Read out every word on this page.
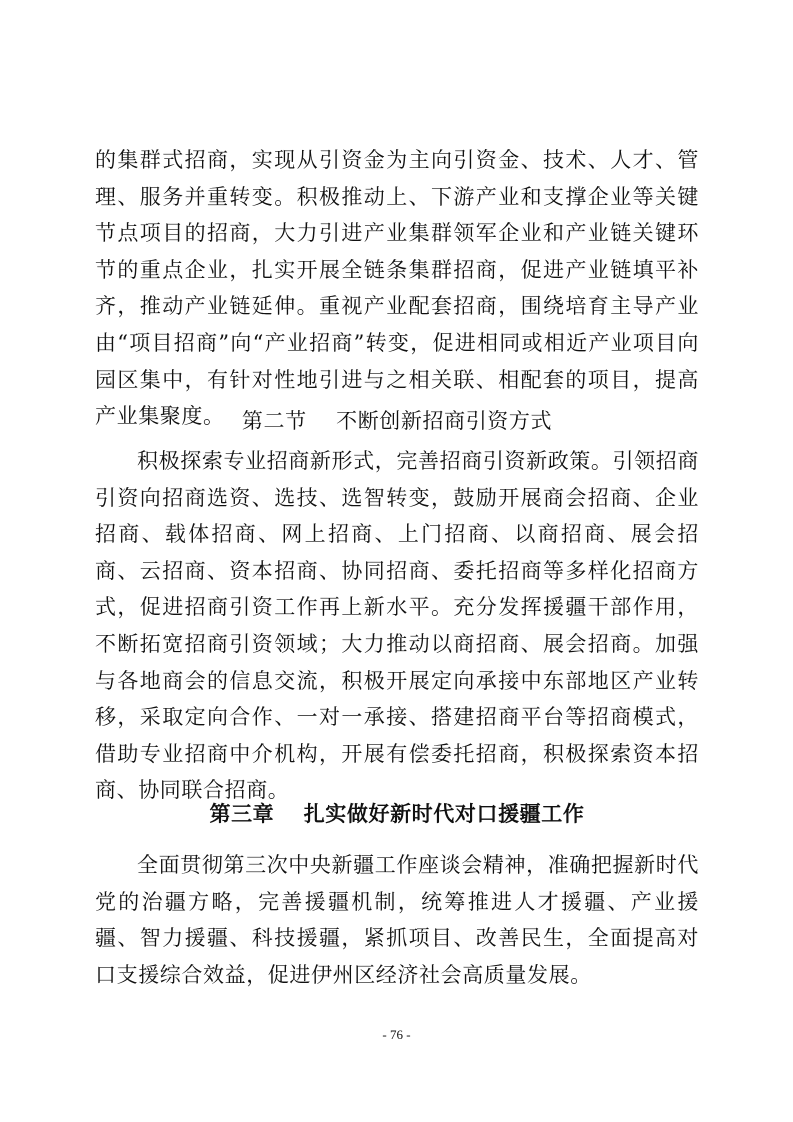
的集群式招商，实现从引资金为主向引资金、技术、人才、管理、服务并重转变。积极推动上、下游产业和支撑企业等关键节点项目的招商，大力引进产业集群领军企业和产业链关键环节的重点企业，扎实开展全链条集群招商，促进产业链填平补齐，推动产业链延伸。重视产业配套招商，围绕培育主导产业由“项目招商”向“产业招商”转变，促进相同或相近产业项目向园区集中，有针对性地引进与之相关联、相配套的项目，提高产业集聚度。 第二节 不断创新招商引资方式

积极探索专业招商新形式，完善招商引资新政策。引领招商引资向招商选资、选技、选智转变，鼓励开展商会招商、企业招商、载体招商、网上招商、上门招商、以商招商、展会招商、云招商、资本招商、协同招商、委托招商等多样化招商方式，促进招商引资工作再上新水平。充分发挥援疆干部作用，不断拓宽招商引资领域；大力推动以商招商、展会招商。加强与各地商会的信息交流，积极开展定向承接中东部地区产业转移，采取定向合作、一对一承接、搭建招商平台等招商模式，借助专业招商中介机构，开展有偿委托招商，积极探索资本招商、协同联合招商。

第三章 扎实做好新时代对口援疆工作

全面贯彻第三次中央新疆工作座谈会精神，准确把握新时代党的治疆方略，完善援疆机制，统筹推进人才援疆、产业援疆、智力援疆、科技援疆，紧抓项目、改善民生，全面提高对口支援综合效益，促进伊州区经济社会高质量发展。

- 76 -
